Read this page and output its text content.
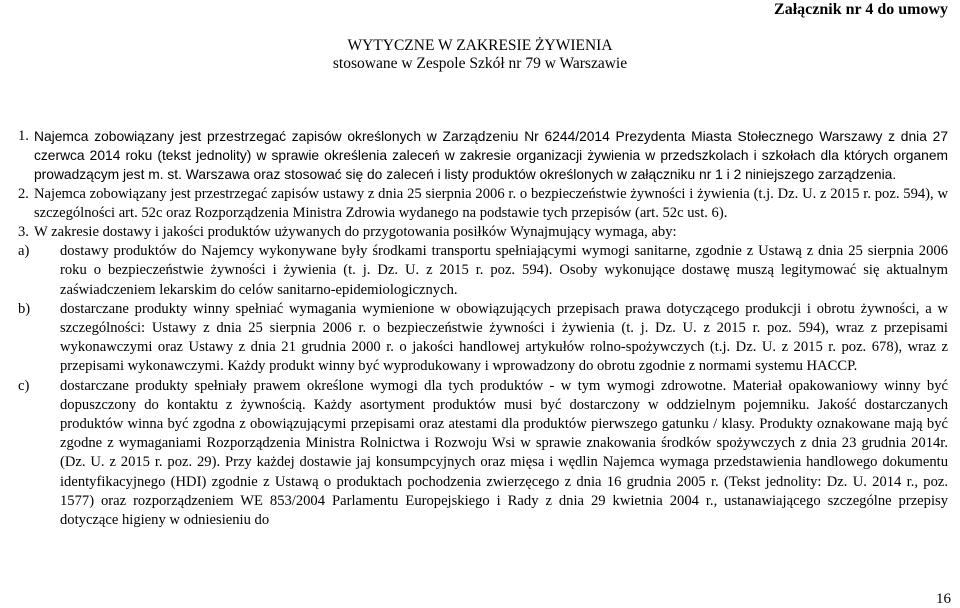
Załącznik nr 4 do umowy
WYTYCZNE W ZAKRESIE ŻYWIENIA
stosowane w Zespole Szkół nr 79 w Warszawie
1. Najemca zobowiązany jest przestrzegać zapisów określonych w Zarządzeniu Nr 6244/2014 Prezydenta Miasta Stołecznego Warszawy z dnia 27 czerwca 2014 roku (tekst jednolity) w sprawie określenia zaleceń w zakresie organizacji żywienia w przedszkolach i szkołach dla których organem prowadzącym jest m. st. Warszawa oraz stosować się do zaleceń i listy produktów określonych w załączniku nr 1 i 2 niniejszego zarządzenia.
2. Najemca zobowiązany jest przestrzegać zapisów ustawy z dnia 25 sierpnia 2006 r. o bezpieczeństwie żywności i żywienia (t.j. Dz. U. z 2015 r. poz. 594), w szczególności art. 52c oraz Rozporządzenia Ministra Zdrowia wydanego na podstawie tych przepisów (art. 52c ust. 6).
3. W zakresie dostawy i jakości produktów używanych do przygotowania posiłków Wynajmujący wymaga, aby:
a)	dostawy produktów do Najemcy wykonywane były środkami transportu spełniającymi wymogi sanitarne, zgodnie z Ustawą z dnia 25 sierpnia 2006 roku o bezpieczeństwie żywności i żywienia (t. j. Dz. U. z 2015 r. poz. 594). Osoby wykonujące dostawę muszą legitymować się aktualnym zaświadczeniem lekarskim do celów sanitarno-epidemiologicznych.
b)	dostarczane produkty winny spełniać wymagania wymienione w obowiązujących przepisach prawa dotyczącego produkcji i obrotu żywności, a w szczególności: Ustawy z dnia 25 sierpnia 2006 r. o bezpieczeństwie żywności i żywienia (t. j. Dz. U. z 2015 r. poz. 594), wraz z przepisami wykonawczymi oraz Ustawy z dnia 21 grudnia 2000 r. o jakości handlowej artykułów rolno-spożywczych (t.j. Dz. U. z 2015 r. poz. 678), wraz z przepisami wykonawczymi. Każdy produkt winny być wyprodukowany i wprowadzony do obrotu zgodnie z normami systemu HACCP.
c)	dostarczane produkty spełniały prawem określone wymogi dla tych produktów - w tym wymogi zdrowotne. Materiał opakowaniowy winny być dopuszczony do kontaktu z żywnością. Każdy asortyment produktów musi być dostarczony w oddzielnym pojemniku. Jakość dostarczanych produktów winna być zgodna z obowiązującymi przepisami oraz atestami dla produktów pierwszego gatunku / klasy. Produkty oznakowane mają być zgodne z wymaganiami Rozporządzenia Ministra Rolnictwa i Rozwoju Wsi w sprawie znakowania środków spożywczych z dnia 23 grudnia 2014r. (Dz. U. z 2015 r. poz. 29). Przy każdej dostawie jaj konsumpcyjnych oraz mięsa i wędlin Najemca wymaga przedstawienia handlowego dokumentu identyfikacyjnego (HDI) zgodnie z Ustawą o produktach pochodzenia zwierzęcego z dnia 16 grudnia 2005 r. (Tekst jednolity: Dz. U. 2014 r., poz. 1577) oraz rozporządzeniem WE 853/2004 Parlamentu Europejskiego i Rady z dnia 29 kwietnia 2004 r., ustanawiającego szczególne przepisy dotyczące higieny w odniesieniu do
16
